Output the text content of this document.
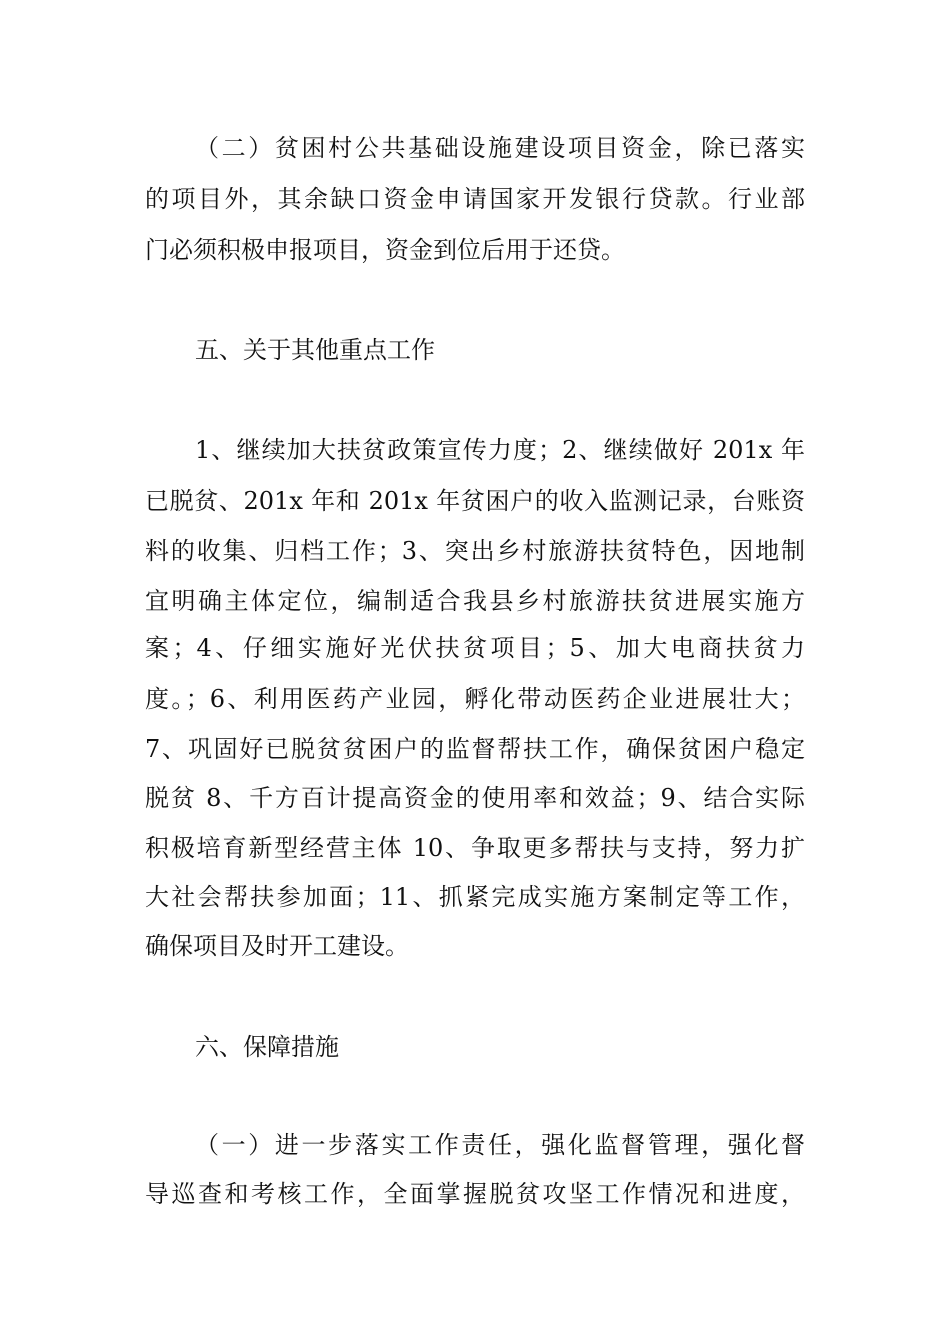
（二）贫困村公共基础设施建设项目资金，除已落实
的项目外，其余缺口资金申请国家开发银行贷款。行业部
门必须积极申报项目，资金到位后用于还贷。
五、关于其他重点工作
1、继续加大扶贫政策宣传力度；2、继续做好 201x 年
已脱贫、201x 年和 201x 年贫困户的收入监测记录，台账资
料的收集、归档工作；3、突出乡村旅游扶贫特色，因地制
宜明确主体定位，编制适合我县乡村旅游扶贫进展实施方
案；4、仔细实施好光伏扶贫项目；5、加大电商扶贫力
度。；6、利用医药产业园，孵化带动医药企业进展壮大；
7、巩固好已脱贫贫困户的监督帮扶工作，确保贫困户稳定
脱贫 8、千方百计提高资金的使用率和效益；9、结合实际
积极培育新型经营主体 10、争取更多帮扶与支持，努力扩
大社会帮扶参加面；11、抓紧完成实施方案制定等工作，
确保项目及时开工建设。
六、保障措施
（一）进一步落实工作责任，强化监督管理，强化督
导巡查和考核工作，全面掌握脱贫攻坚工作情况和进度，
